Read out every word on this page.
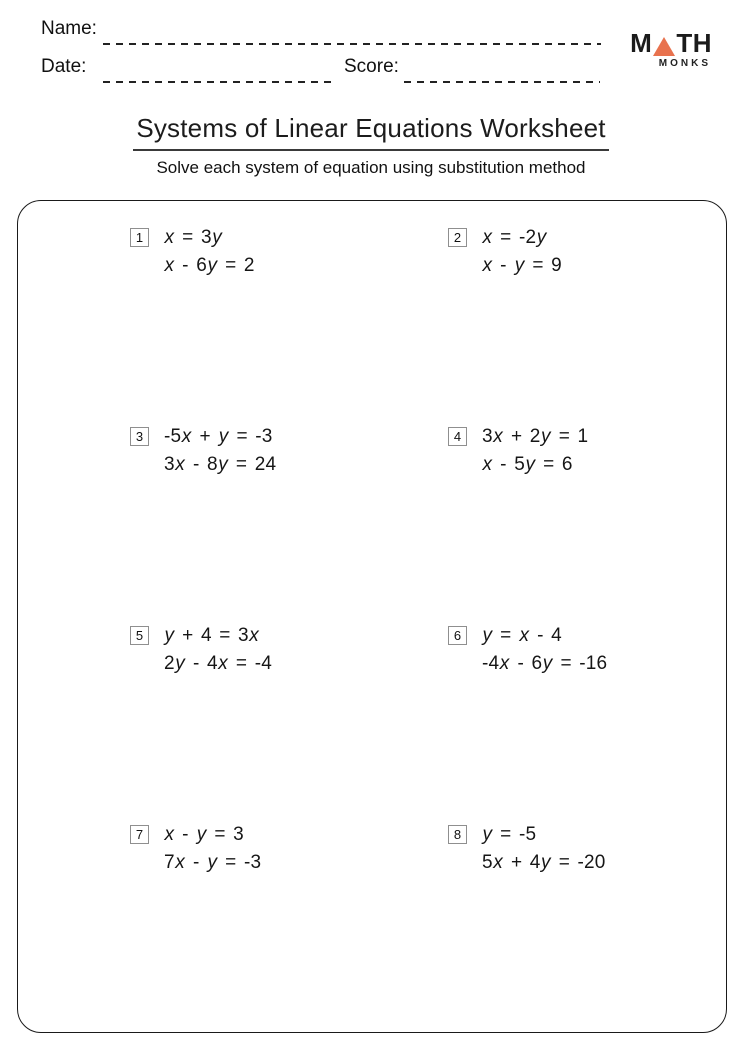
Name:
Date:	Score:
M TH
MONKS
Systems of Linear Equations Worksheet
Solve each system of equation using substitution method
1	x = 3y
x - 6y = 2
2	x = -2y
x - y = 9
3	-5x + y = -3
3x - 8y = 24
4	3x + 2y = 1
x - 5y = 6
5	y + 4 = 3x
2y - 4x = -4
6	y = x - 4
-4x - 6y = -16
7	x - y = 3
7x - y = -3
8	y = -5
5x + 4y = -20
